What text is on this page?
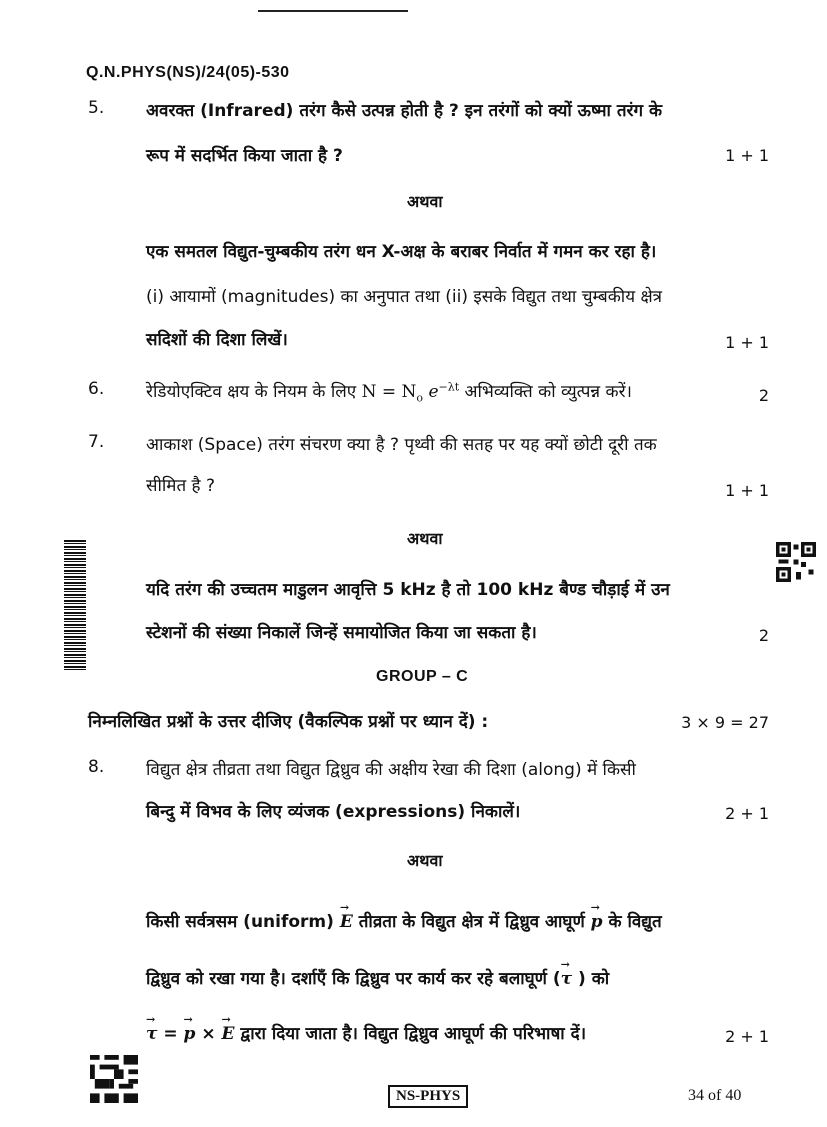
Q.N.PHYS(NS)/24(05)-530
5. अवरक्त (Infrared) तरंग कैसे उत्पन्न होती है ? इन तरंगों को क्यों ऊष्मा तरंग के
रूप में सदर्भित किया जाता है ?	1 + 1
अथवा
एक समतल विद्युत-चुम्बकीय तरंग धन X-अक्ष के बराबर निर्वात में गमन कर रहा है।
(i) आयामों (magnitudes) का अनुपात तथा (ii) इसके विद्युत तथा चुम्बकीय क्षेत्र
सदिशों की दिशा लिखें।	1 + 1
6. रेडियोएक्टिव क्षय के नियम के लिए $N = N_o$ $e^{-\lambda t}$ अभिव्यक्ति को व्युत्पन्न करें।	2
7. आकाश (Space) तरंग संचरण क्या है ? पृथ्वी की सतह पर यह क्यों छोटी दूरी तक
सीमित है ?	1 + 1
अथवा
यदि तरंग की उच्चतम माडुलन आवृत्ति 5 kHz है तो 100 kHz बैण्ड चौड़ाई में उन
स्टेशनों की संख्या निकालें जिन्हें समायोजित किया जा सकता है।	2
GROUP – C
निम्नलिखित प्रश्नों के उत्तर दीजिए (वैकल्पिक प्रश्नों पर ध्यान दें) :	3 × 9 = 27
8. विद्युत क्षेत्र तीव्रता तथा विद्युत द्विध्रुव की अक्षीय रेखा की दिशा (along) में किसी
बिन्दु में विभव के लिए व्यंजक (expressions) निकालें।	2 + 1
अथवा
किसी सर्वत्रसम (uniform) → E तीव्रता के विद्युत क्षेत्र में द्विध्रुव आघूर्ण → p के विद्युत
द्विध्रुव को रखा गया है। दर्शाएँ कि द्विध्रुव पर कार्य कर रहे बलाघूर्ण (→ τ ) को
→ τ = → p × → E द्वारा दिया जाता है। विद्युत द्विध्रुव आघूर्ण की परिभाषा दें।	2 + 1
NS-PHYS	34 of 40
